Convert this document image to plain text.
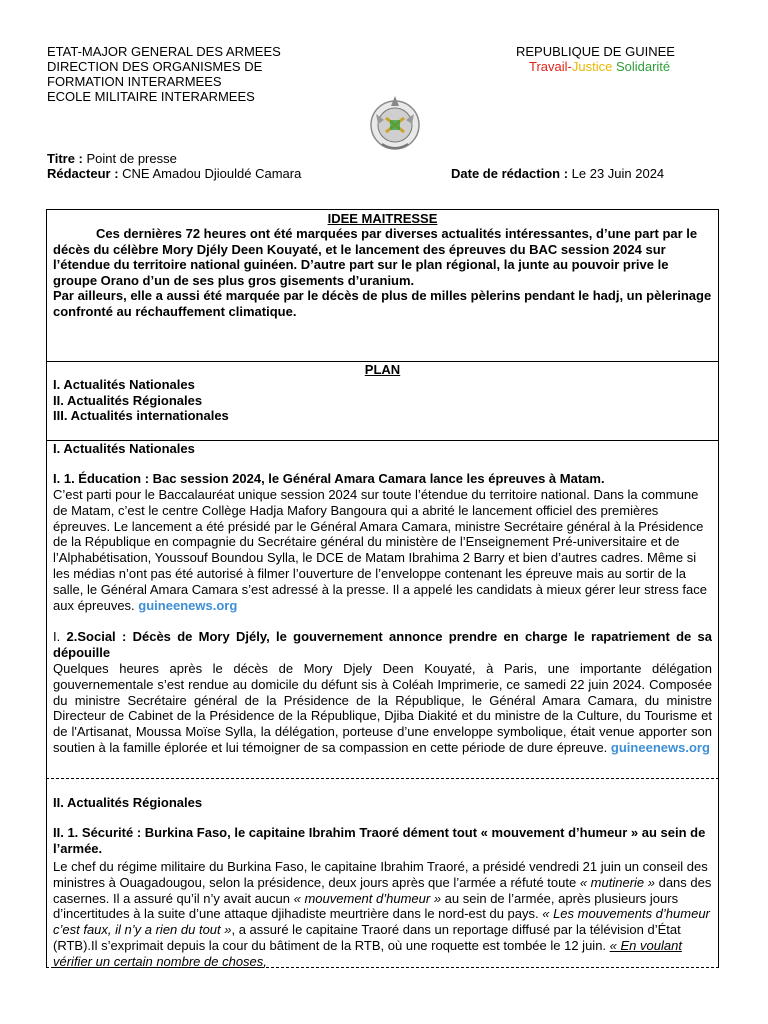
ETAT-MAJOR GENERAL DES ARMEES
DIRECTION DES ORGANISMES DE
FORMATION INTERARMEES
ECOLE MILITAIRE INTERARMEES
REPUBLIQUE DE GUINEE
Travail-Justice Solidarité
Titre : Point de presse
Rédacteur : CNE Amadou Djiouldé Camara	Date de rédaction : Le 23 Juin 2024
IDEE MAITRESSE

Ces dernières 72 heures ont été marquées par diverses actualités intéressantes, d’une part par le décès du célèbre Mory Djély Deen Kouyaté, et le lancement des épreuves du BAC session 2024 sur l’étendue du territoire national guinéen. D’autre part sur le plan régional, la junte au pouvoir prive le groupe Orano d’un de ses plus gros gisements d’uranium.

Par ailleurs, elle a aussi été marquée par le décès de plus de milles pèlerins pendant le hadj, un pèlerinage confronté au réchauffement climatique.

PLAN
I. Actualités Nationales
II. Actualités Régionales
III. Actualités internationales
I. Actualités Nationales
I. 1. Éducation : Bac session 2024, le Général Amara Camara lance les épreuves à Matam.
C’est parti pour le Baccalauréat unique session 2024 sur toute l’étendue du territoire national. Dans la commune de Matam, c’est le centre Collège Hadja Mafory Bangoura qui a abrité le lancement officiel des premières épreuves. Le lancement a été présidé par le Général Amara Camara, ministre Secrétaire général à la Présidence de la République en compagnie du Secrétaire général du ministère de l’Enseignement Pré-universitaire et de l’Alphabétisation, Youssouf Boundou Sylla, le DCE de Matam Ibrahima 2 Barry et bien d’autres cadres. Même si les médias n’ont pas été autorisé à filmer l’ouverture de l’enveloppe contenant les épreuve mais au sortir de la salle, le Général Amara Camara s’est adressé à la presse. Il a appelé les candidats à mieux gérer leur stress face aux épreuves. guineenews.org
I. 2.Social : Décès de Mory Djély, le gouvernement annonce prendre en charge le rapatriement de sa dépouille
Quelques heures après le décès de Mory Djely Deen Kouyaté, à Paris, une importante délégation gouvernementale s’est rendue au domicile du défunt sis à Coléah Imprimerie, ce samedi 22 juin 2024. Composée du ministre Secrétaire général de la Présidence de la République, le Général Amara Camara, du ministre Directeur de Cabinet de la Présidence de la République, Djiba Diakité et du ministre de la Culture, du Tourisme et de l'Artisanat, Moussa Moïse Sylla, la délégation, porteuse d’une enveloppe symbolique, était venue apporter son soutien à la famille éplorée et lui témoigner de sa compassion en cette période de dure épreuve. guineenews.org
II. Actualités Régionales
II. 1. Sécurité : Burkina Faso, le capitaine Ibrahim Traoré dément tout « mouvement d’humeur » au sein de l’armée.
Le chef du régime militaire du Burkina Faso, le capitaine Ibrahim Traoré, a présidé vendredi 21 juin un conseil des ministres à Ouagadougou, selon la présidence, deux jours après que l’armée a réfuté toute « mutinerie » dans des casernes. Il a assuré qu’il n’y avait aucun « mouvement d’humeur » au sein de l’armée, après plusieurs jours d’incertitudes à la suite d’une attaque djihadiste meurtrière dans le nord-est du pays. « Les mouvements d’humeur c’est faux, il n’y a rien du tout », a assuré le capitaine Traoré dans un reportage diffusé par la télévision d’État (RTB).Il s’exprimait depuis la cour du bâtiment de la RTB, où une roquette est tombée le 12 juin. « En voulant vérifier un certain nombre de choses,
